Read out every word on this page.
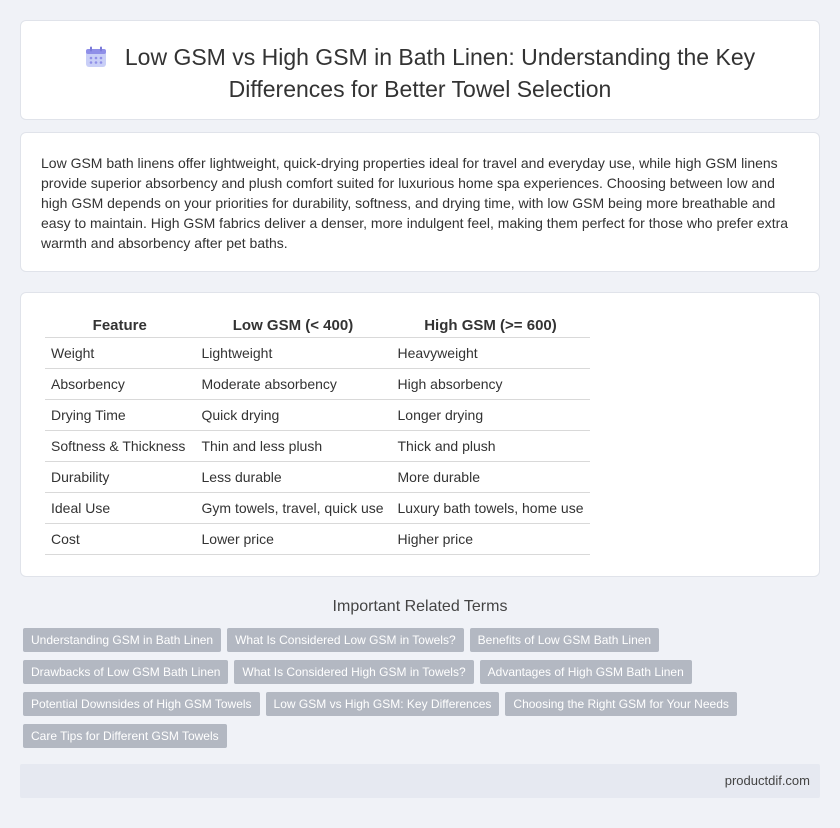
Low GSM vs High GSM in Bath Linen: Understanding the Key Differences for Better Towel Selection

Low GSM bath linens offer lightweight, quick-drying properties ideal for travel and everyday use, while high GSM linens provide superior absorbency and plush comfort suited for luxurious home spa experiences. Choosing between low and high GSM depends on your priorities for durability, softness, and drying time, with low GSM being more breathable and easy to maintain. High GSM fabrics deliver a denser, more indulgent feel, making them perfect for those who prefer extra warmth and absorbency after pet baths.

Feature	Low GSM (< 400)	High GSM (>= 600)
Weight	Lightweight	Heavyweight
Absorbency	Moderate absorbency	High absorbency
Drying Time	Quick drying	Longer drying
Softness & Thickness	Thin and less plush	Thick and plush
Durability	Less durable	More durable
Ideal Use	Gym towels, travel, quick use	Luxury bath towels, home use
Cost	Lower price	Higher price
Important Related Terms
Understanding GSM in Bath Linen What Is Considered Low GSM in Towels? Benefits of Low GSM Bath Linen
Drawbacks of Low GSM Bath Linen What Is Considered High GSM in Towels? Advantages of High GSM Bath Linen
Potential Downsides of High GSM Towels Low GSM vs High GSM: Key Differences Choosing the Right GSM for Your Needs
Care Tips for Different GSM Towels
productdif.com
